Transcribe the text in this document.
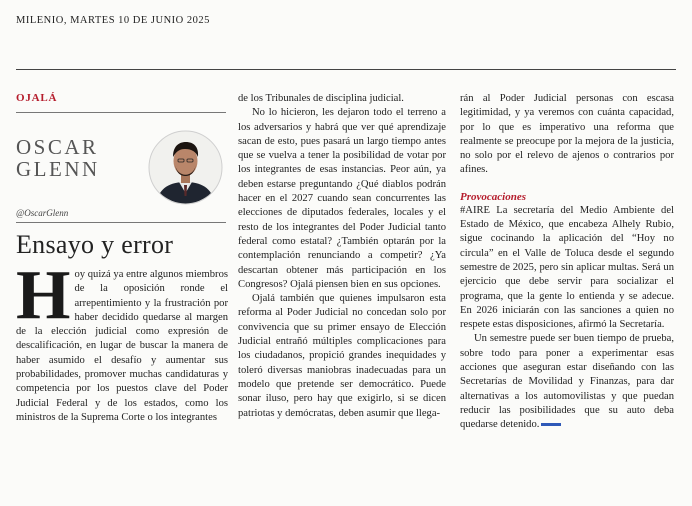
MILENIO, MARTES 10 DE JUNIO 2025
OJALÁ
OSCAR
GLENN
@OscarGlenn
Ensayo y error
H oy quizá ya entre algunos miembros de la oposición ronde el arrepentimiento y la frustración por haber decidido quedarse al margen de la elección judicial como expresión de descalificación, en lugar de buscar la manera de haber asumido el desafío y aumentar sus probabilidades, promover muchas candidaturas y competencia por los puestos clave del Poder Judicial Federal y de los estados, como los ministros de la Suprema Corte o los integrantes

de los Tribunales de disciplina judicial.

No lo hicieron, les dejaron todo el terreno a los adversarios y habrá que ver qué aprendizaje sacan de esto, pues pasará un largo tiempo antes que se vuelva a tener la posibilidad de votar por los integrantes de esas instancias. Peor aún, ya deben estarse preguntando ¿Qué diablos podrán hacer en el 2027 cuando sean concurrentes las elecciones de diputados federales, locales y el resto de los integrantes del Poder Judicial tanto federal como estatal? ¿También optarán por la contemplación renunciando a competir? ¿Ya descartan obtener más participación en los Congresos? Ojalá piensen bien en sus opciones.

Ojalá también que quienes impulsaron esta reforma al Poder Judicial no concedan solo por convivencia que su primer ensayo de Elección Judicial entrañó múltiples complicaciones para los ciudadanos, propició grandes inequidades y toleró diversas maniobras inadecuadas para un modelo que pretende ser democrático. Puede sonar iluso, pero hay que exigirlo, si se dicen patriotas y demócratas, deben asumir que llega-

rán al Poder Judicial personas con escasa legitimidad, y ya veremos con cuánta capacidad, por lo que es imperativo una reforma que realmente se preocupe por la mejora de la justicia, no solo por el relevo de ajenos o contrarios por afines.

Provocaciones

#AIRE La secretaría del Medio Ambiente del Estado de México, que encabeza Alhely Rubio, sigue cocinando la aplicación del “Hoy no circula” en el Valle de Toluca desde el segundo semestre de 2025, pero sin aplicar multas. Será un ejercicio que debe servir para socializar el programa, que la gente lo entienda y se adecue. En 2026 iniciarán con las sanciones a quien no respete estas disposiciones, afirmó la Secretaría.

Un semestre puede ser buen tiempo de prueba, sobre todo para poner a experimentar esas acciones que aseguran estar diseñando con las Secretarías de Movilidad y Finanzas, para dar alternativas a los automovilistas y que puedan reducir las posibilidades que su auto deba quedarse detenido.
